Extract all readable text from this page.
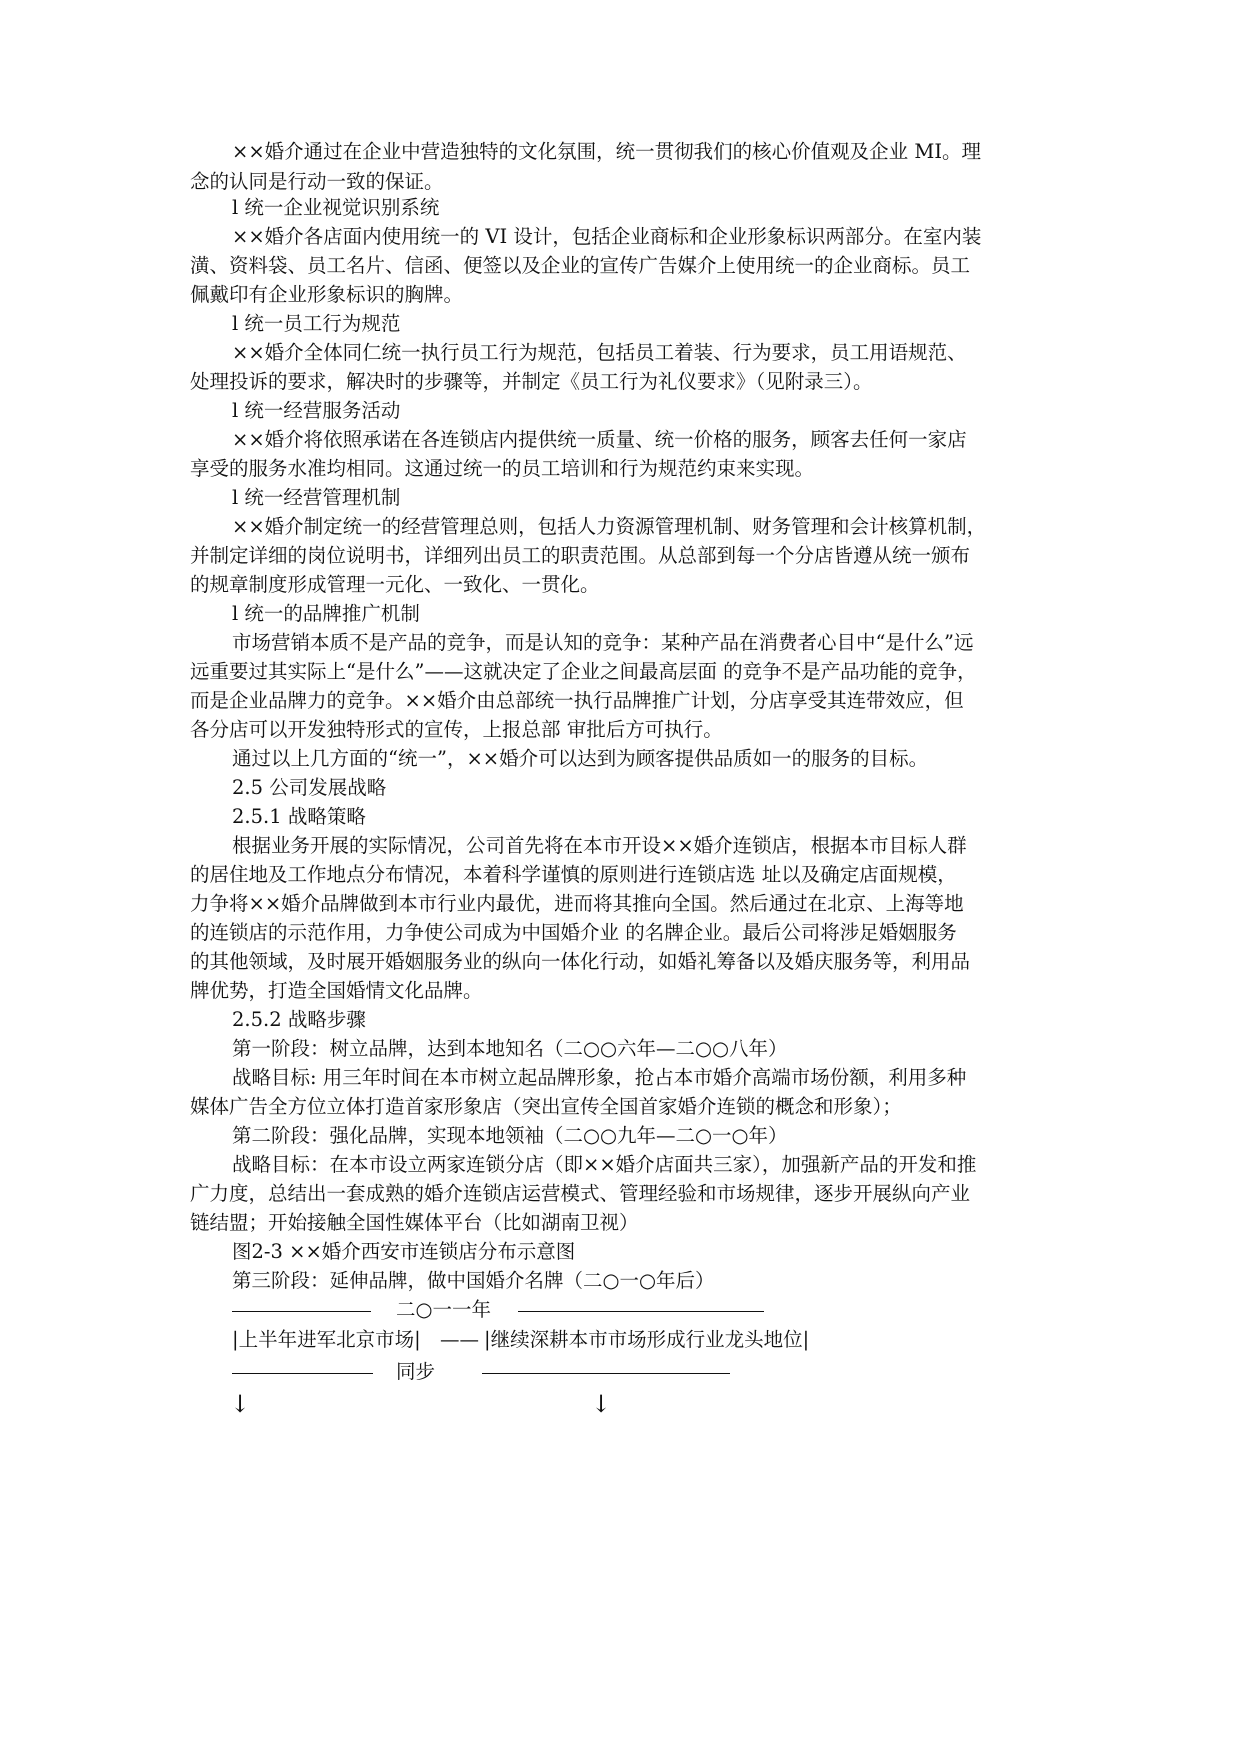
××婚介通过在企业中营造独特的文化氛围，统一贯彻我们的核心价值观及企业 MI。理
念的认同是行动一致的保证。
l 统一企业视觉识别系统
××婚介各店面内使用统一的 VI 设计，包括企业商标和企业形象标识两部分。在室内装
潢、资料袋、员工名片、信函、便签以及企业的宣传广告媒介上使用统一的企业商标。员工
佩戴印有企业形象标识的胸牌。
l 统一员工行为规范
××婚介全体同仁统一执行员工行为规范，包括员工着装、行为要求，员工用语规范、
处理投诉的要求，解决时的步骤等，并制定《员工行为礼仪要求》（见附录三）。
l 统一经营服务活动
××婚介将依照承诺在各连锁店内提供统一质量、统一价格的服务，顾客去任何一家店
享受的服务水准均相同。这通过统一的员工培训和行为规范约束来实现。
l 统一经营管理机制
××婚介制定统一的经营管理总则，包括人力资源管理机制、财务管理和会计核算机制，
并制定详细的岗位说明书，详细列出员工的职责范围。从总部到每一个分店皆遵从统一颁布
的规章制度形成管理一元化、一致化、一贯化。
l 统一的品牌推广机制
市场营销本质不是产品的竞争，而是认知的竞争：某种产品在消费者心目中“是什么”远
远重要过其实际上“是什么”——这就决定了企业之间最高层面 的竞争不是产品功能的竞争，
而是企业品牌力的竞争。××婚介由总部统一执行品牌推广计划，分店享受其连带效应，但
各分店可以开发独特形式的宣传，上报总部 审批后方可执行。
通过以上几方面的“统一”，××婚介可以达到为顾客提供品质如一的服务的目标。
2.5 公司发展战略
2.5.1 战略策略
根据业务开展的实际情况，公司首先将在本市开设××婚介连锁店，根据本市目标人群
的居住地及工作地点分布情况，本着科学谨慎的原则进行连锁店选 址以及确定店面规模，
力争将××婚介品牌做到本市行业内最优，进而将其推向全国。然后通过在北京、上海等地
的连锁店的示范作用，力争使公司成为中国婚介业 的名牌企业。最后公司将涉足婚姻服务
的其他领域，及时展开婚姻服务业的纵向一体化行动，如婚礼筹备以及婚庆服务等，利用品
牌优势，打造全国婚情文化品牌。
2.5.2 战略步骤
第一阶段：树立品牌，达到本地知名（二○○六年—二○○八年）
战略目标: 用三年时间在本市树立起品牌形象，抢占本市婚介高端市场份额，利用多种
媒体广告全方位立体打造首家形象店（突出宣传全国首家婚介连锁的概念和形象）；
第二阶段：强化品牌，实现本地领袖（二○○九年—二○一○年）
战略目标：在本市设立两家连锁分店（即××婚介店面共三家），加强新产品的开发和推
广力度，总结出一套成熟的婚介连锁店运营模式、管理经验和市场规律，逐步开展纵向产业
链结盟；开始接触全国性媒体平台（比如湖南卫视）
图2-3 ××婚介西安市连锁店分布示意图
第三阶段：延伸品牌，做中国婚介名牌（二○一○年后）
二○一一年
|上半年进军北京市场| —— |继续深耕本市市场形成行业龙头地位|
同步
↓	↓
